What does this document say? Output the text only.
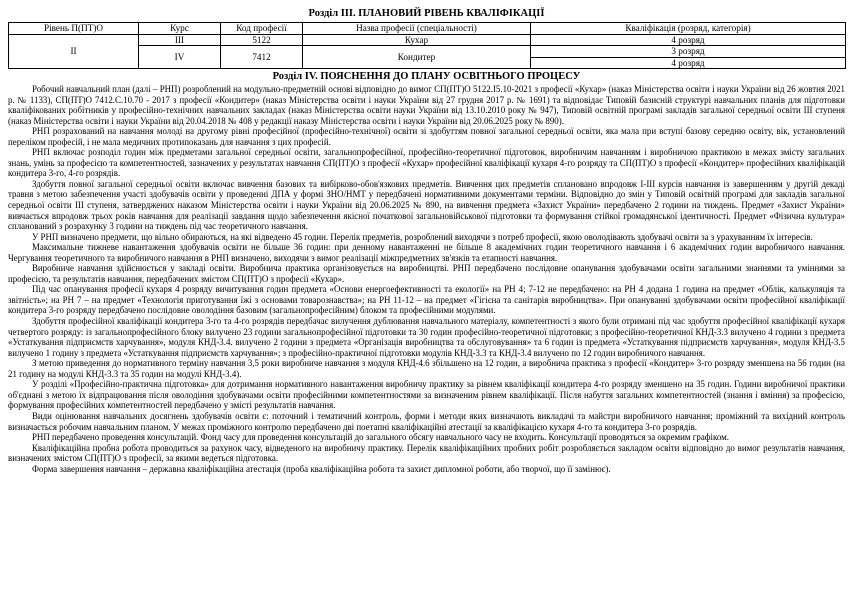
Розділ ІІІ. ПЛАНОВИЙ РІВЕНЬ КВАЛІФІКАЦІЇ
Рівень П(ПТ)О	Курс	Код професії	Назва професії (спеціальності)	Кваліфікація (розряд, категорія)
ІІ	ІІІ	5122	Кухар	4 розряд
	ІV	7412	Кондитер	3 розряд
				4 розряд
Розділ ІV. ПОЯСНЕННЯ ДО ПЛАНУ ОСВІТНЬОГО ПРОЦЕСУ

Робочий навчальний план (далі – РНП) розроблений на модульно-предметній основі відповідно до вимог СП(ПТ)О 5122.І5.10-2021 з професії «Кухар» (наказ Міністерства освіти і науки України від 26 жовтня 2021 р. № 1133), СП(ПТ)О 7412.С.10.70 - 2017 з професії «Кондитер» (наказ Міністерства освіти і науки України від 27 грудня 2017 р. № 1691) та відповідає Типовій базисній структурі навчальних планів для підготовки кваліфікованих робітників у професійно-технічних навчальних закладах (наказ Міністерства освіти науки України від 13.10.2010 року № 947), Типовій освітній програмі закладів загальної середньої освіти ІІІ ступеня (наказ Міністерства освіти і науки України від 20.04.2018 № 408 у редакції наказу Міністерства освіти і науки України від 20.06.2025 року № 890).

РНП розрахований на навчання молоді на другому рівні професійної (професійно-технічної) освіти зі здобуттям повної загальної середньої освіти, яка мала при вступі базову середню освіту, вік, установлений переліком професій, і не мала медичних протипоказань для навчання з цих професій.

РНП включає розподіл годин між предметами загальної середньої освіти, загальнопрофесійної, професійно-теоретичної підготовок, виробничим навчанням і виробничою практикою в межах змісту загальних знань, умінь за професією та компетентностей, зазначених у результатах навчання СП(ПТ)О з професії «Кухар» професійної кваліфікації кухаря 4-го розряду та СП(ПТ)О з професії «Кондитер» професійних кваліфікацій кондитера 3-го, 4-го розрядів.

Здобуття повної загальної середньої освіти включає вивчення базових та вибірково-обов'язкових предметів. Вивчення цих предметів сплановано впродовж І-ІІІ курсів навчання із завершенням у другій декаді травня з метою забезпечення участі здобувачів освіти у проведенні ДПА у формі ЗНО/НМТ у передбачені нормативними документами терміни. Відповідно до змін у Типовій освітній програмі для закладів загальної середньої освіти ІІІ ступеня, затверджених наказом Міністерства освіти і науки України від 20.06.2025 № 890, на вивчення предмета «Захист України» передбачено 2 години на тиждень. Предмет «Захист України» вивчається впродовж трьох років навчання для реалізації завдання щодо забезпечення якісної початкової загальновійськової підготовки та формування стійкої громадянської ідентичності. Предмет «Фізична культура» спланований з розрахунку 3 години на тиждень під час теоретичного навчання.

У РНП визначено предмети, що вільно обираються, на які відведено 45 годин. Перелік предметів, розроблений виходячи з потреб професії, якою оволодівають здобувачі освіти за з урахуванням їх інтересів.

Максимальне тижневе навантаження здобувачів освіти не більше 36 годин: при денному навантаженні не більше 8 академічних годин теоретичного навчання і 6 академічних годин виробничого навчання. Чергування теоретичного та виробничого навчання в РНП визначено, виходячи з вимог реалізації міжпредметних зв'язків та етапності навчання.

Виробниче навчання здійснюється у закладі освіти. Виробнича практика організовується на виробництві. РНП передбачено послідовне опанування здобувачами освіти загальними знаннями та уміннями за професією, та результатів навчання, передбачених змістом СП(ПТ)О з професії «Кухар».

Під час опанування професії кухаря 4 розряду вичитування годин предмета «Основи енергоефективності та екології» на РН 4; 7-12 не передбачено: на РН 4 додана 1 година на предмет «Облік, калькуляція та звітність»; на РН 7 – на предмет «Технологія приготування їжі з основами товарознавства»; на РН 11-12 – на предмет «Гігієна та санітарія виробництва». При опануванні здобувачами освіти професійної кваліфікації кондитера 3-го розряду передбачено послідовне оволодіння базовим (загальнопрофесійним) блоком та професійними модулями.

Здобуття професійної кваліфікації кондитера 3-го та 4-го розрядів передбачає вилучення дублювання навчального матеріалу, компетентності з якого були отримані під час здобуття професійної кваліфікації кухаря четвертого розряду: із загальнопрофесійного блоку вилучено 23 години загальнопрофесійної підготовки та 30 годин професійно-теоретичної підготовки; з професійно-теоретичної КНД-3.3 вилучено 4 години з предмета «Устаткування підприємств харчування», модуля КНД-3.4. вилучено 2 години з предмета «Організація виробництва та обслуговування» та 6 годин із предмета «Устаткування підприємств харчування», модуля КНД-3.5 вилучено 1 годину з предмета «Устаткування підприємств харчування»; з професійно-практичної підготовки модулів КНД-3.3 та КНД-3.4 вилучено по 12 годин виробничого навчання.

З метою приведення до нормативного терміну навчання 3,5 роки виробниче навчання з модуля КНД-4.6 збільшено на 12 годин, а виробнича практика з професії «Кондитер» 3-го розряду зменшена на 56 годин (на 21 годину на модулі КНД-3.3 та 35 годин на модулі КНД-3.4).

У розділі «Професійно-практична підготовка» для дотримання нормативного навантаження виробничу практику за рівнем кваліфікації кондитера 4-го розряду зменшено на 35 годин. Години виробничої практики об'єднані з метою їх відпрацювання після оволодіння здобувачами освіти професійними компетентностями за визначеним рівнем кваліфікації. Після набуття загальних компетентностей (знання і вміння) за професією, формування професійних компетентностей передбачено у змісті результатів навчання.

Види оцінювання навчальних досягнень здобувачів освіти є: поточний і тематичний контроль, форми і методи яких визначають викладачі та майстри виробничого навчання; проміжний та вихідний контроль визначається робочим навчальним планом. У межах проміжного контролю передбачено дві поетапні кваліфікаційні атестації за кваліфікацією кухаря 4-го та кондитера 3-го розрядів.

РНП передбачено проведення консультацій. Фонд часу для проведення консультацій до загального обсягу навчального часу не входить. Консультації проводяться за окремим графіком.

Кваліфікаційна пробна робота проводиться за рахунок часу, відведеного на виробничу практику. Перелік кваліфікаційних пробних робіт розробляється закладом освіти відповідно до вимог результатів навчання, визначених змістом СП(ПТ)О з професії, за якими ведеться підготовка.

Форма завершення навчання – державна кваліфікаційна атестація (проба кваліфікаційна робота та захист дипломної роботи, або творчої, що її замінює).
